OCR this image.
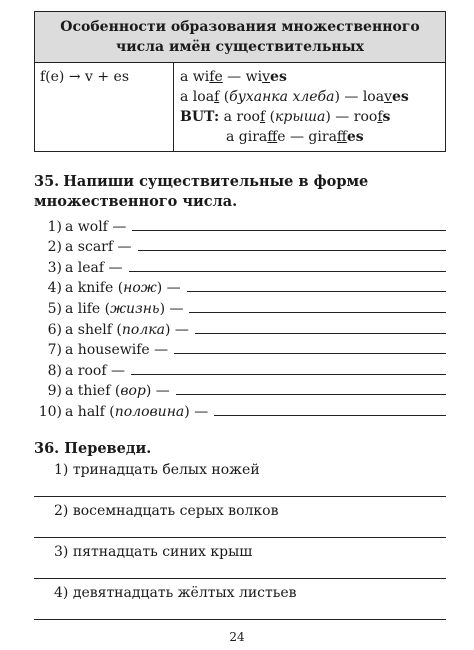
Особенности образования множественного числа имён существительных
f(e) → v + es	a wife — wives
a loaf (буханка хлеба) — loaves
BUT: a roof (крыша) — roofs
a giraffe — giraffes
35. Напиши существительные в форме множественного числа.
1) a wolf —
2) a scarf —
3) a leaf —
4) a knife (нож) —
5) a life (жизнь) —
6) a shelf (полка) —
7) a housewife —
8) a roof —
9) a thief (вор) —
10) a half (половина) —
36. Переведи.
1) тринадцать белых ножей
2) восемнадцать серых волков
3) пятнадцать синих крыш
4) девятнадцать жёлтых листьев
24
